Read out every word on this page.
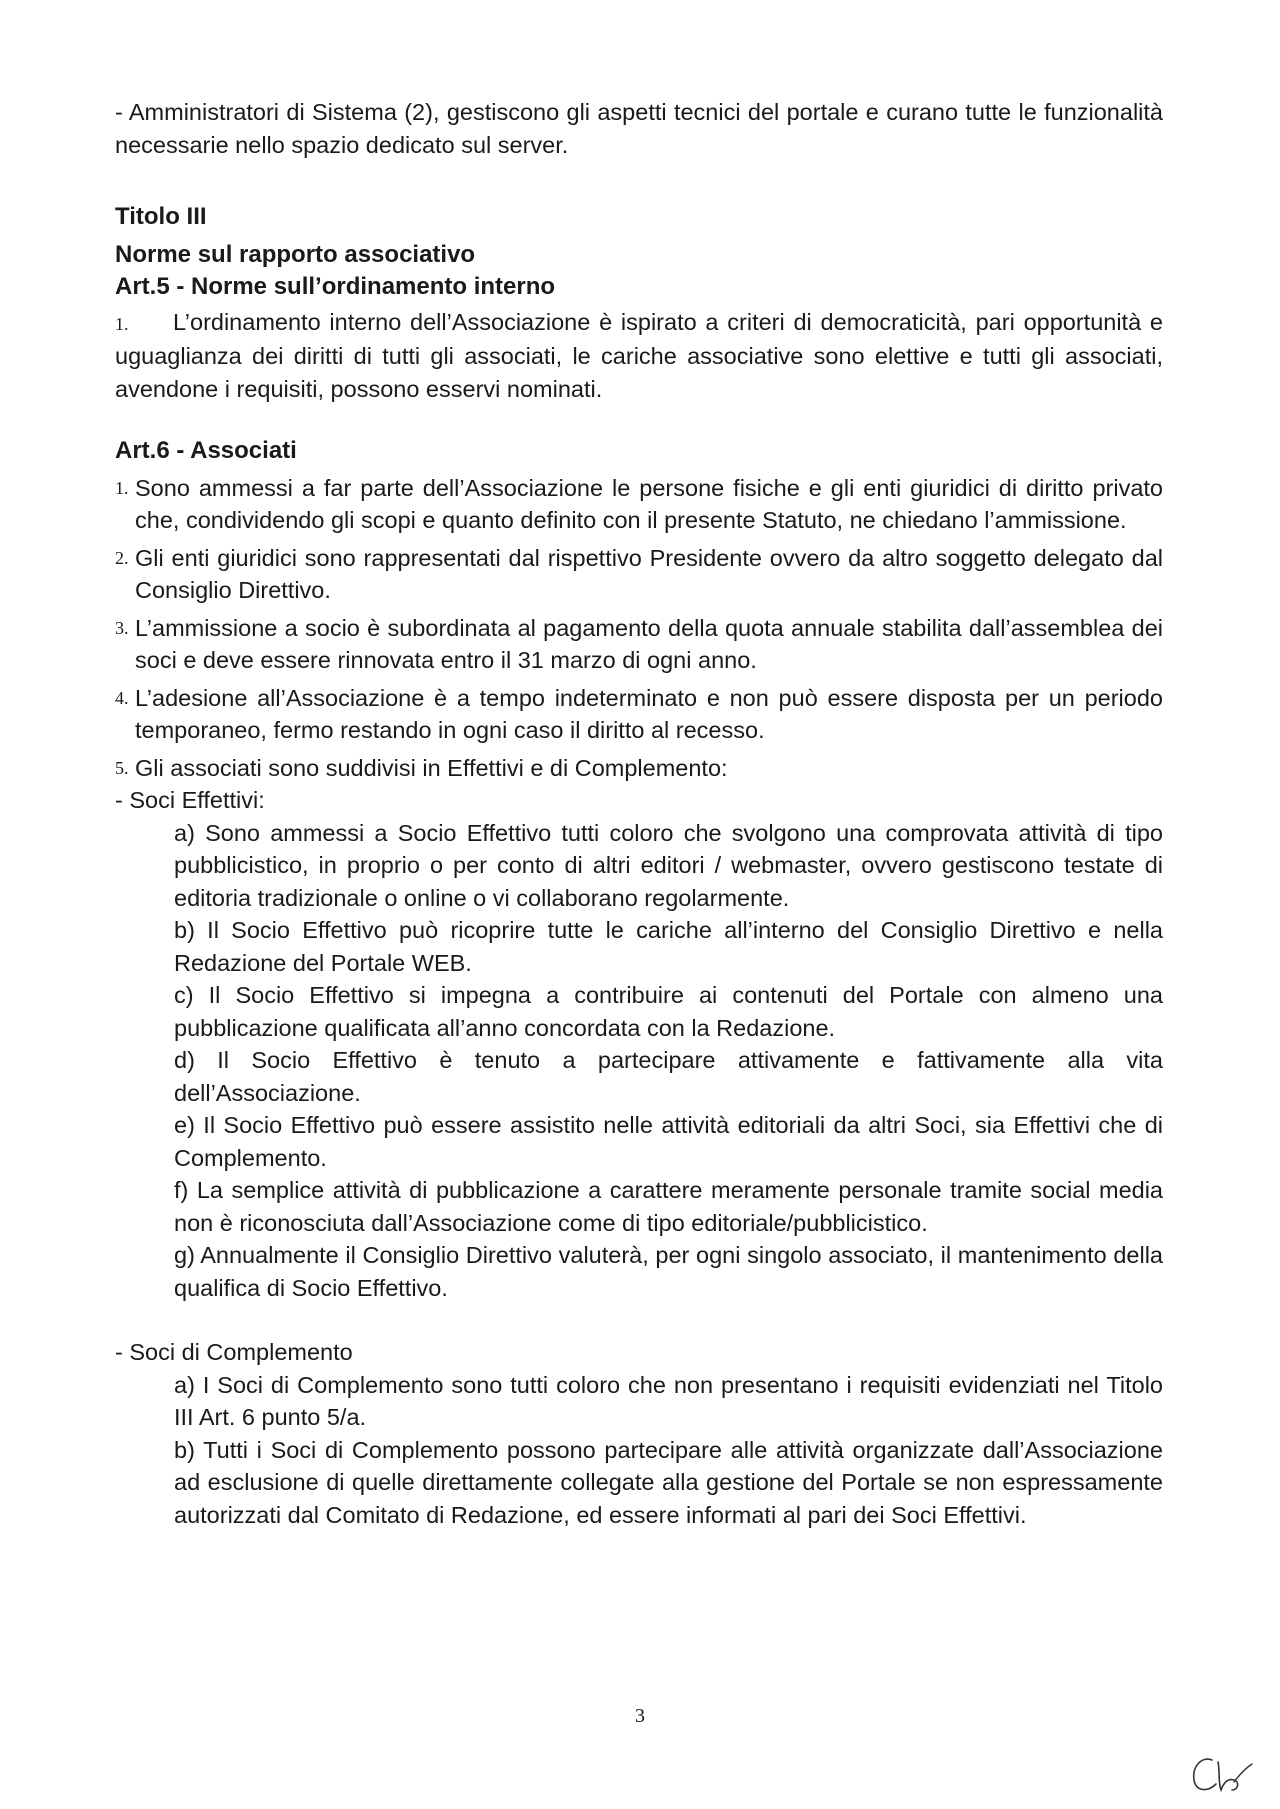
- Amministratori di Sistema (2), gestiscono gli aspetti tecnici del portale e curano tutte le funzionalità necessarie nello spazio dedicato sul server.

Titolo III

Norme sul rapporto associativo

Art.5 - Norme sull’ordinamento interno

1. L’ordinamento interno dell’Associazione è ispirato a criteri di democraticità, pari opportunità e uguaglianza dei diritti di tutti gli associati, le cariche associative sono elettive e tutti gli associati, avendone i requisiti, possono esservi nominati.

Art.6 - Associati

1. Sono ammessi a far parte dell’Associazione le persone fisiche e gli enti giuridici di diritto privato che, condividendo gli scopi e quanto definito con il presente Statuto, ne chiedano l’ammissione.
2. Gli enti giuridici sono rappresentati dal rispettivo Presidente ovvero da altro soggetto delegato dal Consiglio Direttivo.
3. L’ammissione a socio è subordinata al pagamento della quota annuale stabilita dall’assemblea dei soci e deve essere rinnovata entro il 31 marzo di ogni anno.
4. L’adesione all’Associazione è a tempo indeterminato e non può essere disposta per un periodo temporaneo, fermo restando in ogni caso il diritto al recesso.
5. Gli associati sono suddivisi in Effettivi e di Complemento:

- Soci Effettivi:

a) Sono ammessi a Socio Effettivo tutti coloro che svolgono una comprovata attività di tipo pubblicistico, in proprio o per conto di altri editori / webmaster, ovvero gestiscono testate di editoria tradizionale o online o vi collaborano regolarmente.

b) Il Socio Effettivo può ricoprire tutte le cariche all’interno del Consiglio Direttivo e nella Redazione del Portale WEB.

c) Il Socio Effettivo si impegna a contribuire ai contenuti del Portale con almeno una pubblicazione qualificata all’anno concordata con la Redazione.

d) Il Socio Effettivo è tenuto a partecipare attivamente e fattivamente alla vita dell’Associazione.

e) Il Socio Effettivo può essere assistito nelle attività editoriali da altri Soci, sia Effettivi che di Complemento.

f) La semplice attività di pubblicazione a carattere meramente personale tramite social media non è riconosciuta dall’Associazione come di tipo editoriale/pubblicistico.

g) Annualmente il Consiglio Direttivo valuterà, per ogni singolo associato, il mantenimento della qualifica di Socio Effettivo.

- Soci di Complemento

a) I Soci di Complemento sono tutti coloro che non presentano i requisiti evidenziati nel Titolo III Art. 6 punto 5/a.

b) Tutti i Soci di Complemento possono partecipare alle attività organizzate dall’Associazione ad esclusione di quelle direttamente collegate alla gestione del Portale se non espressamente autorizzati dal Comitato di Redazione, ed essere informati al pari dei Soci Effettivi.

3
